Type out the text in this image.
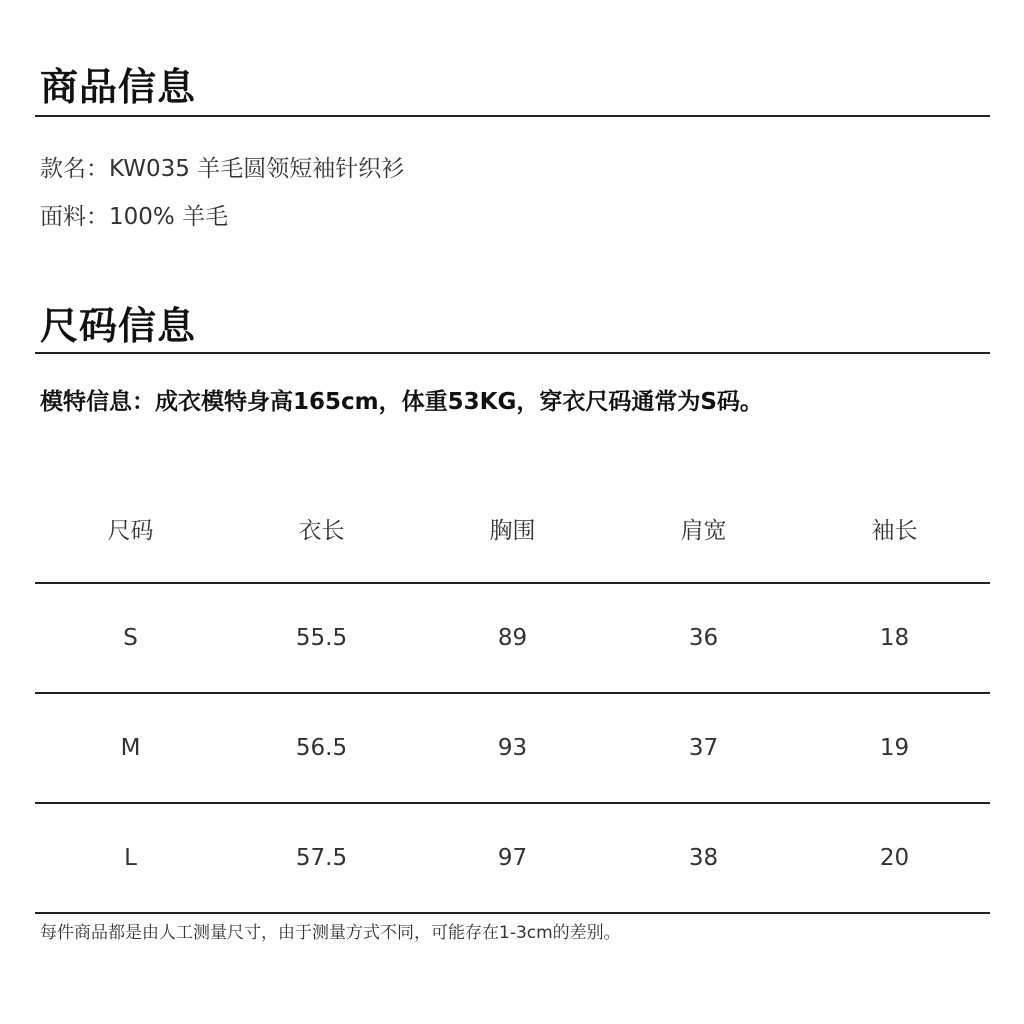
商品信息
款名：KW035 羊毛圆领短袖针织衫
面料：100% 羊毛
尺码信息
模特信息：成衣模特身高165cm，体重53KG，穿衣尺码通常为S码。
尺码	衣长	胸围	肩宽	袖长
S	55.5	89	36	18
M	56.5	93	37	19
L	57.5	97	38	20
每件商品都是由人工测量尺寸，由于测量方式不同，可能存在1-3cm的差别。
